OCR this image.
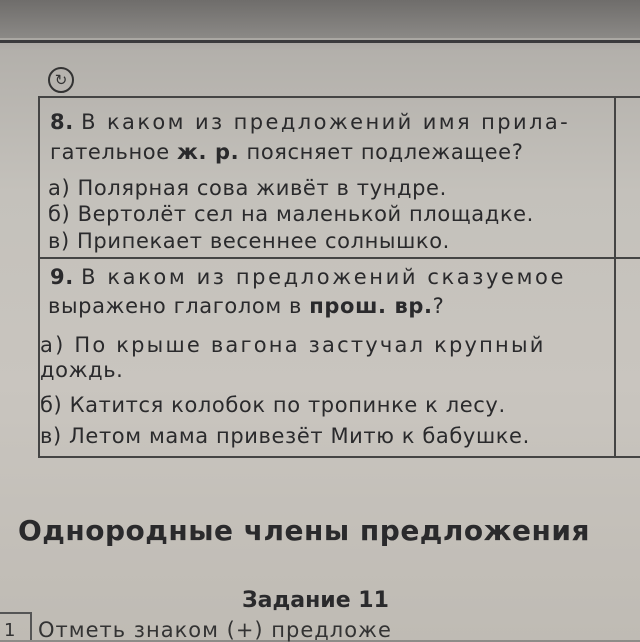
↻
8. В каком из предложений имя прила-
гательное ж. р. поясняет подлежащее?
а) Полярная сова живёт в тундре.
б) Вертолёт сел на маленькой площадке.
в) Припекает весеннее солнышко.
9. В каком из предложений сказуемое
выражено глаголом в прош. вр.?
а) По крыше вагона застучал крупный
дождь.
б) Катится колобок по тропинке к лесу.
в) Летом мама привезёт Митю к бабушке.
Однородные члены предложения
Задание 11
1 Отметь знаком (+) предложе
